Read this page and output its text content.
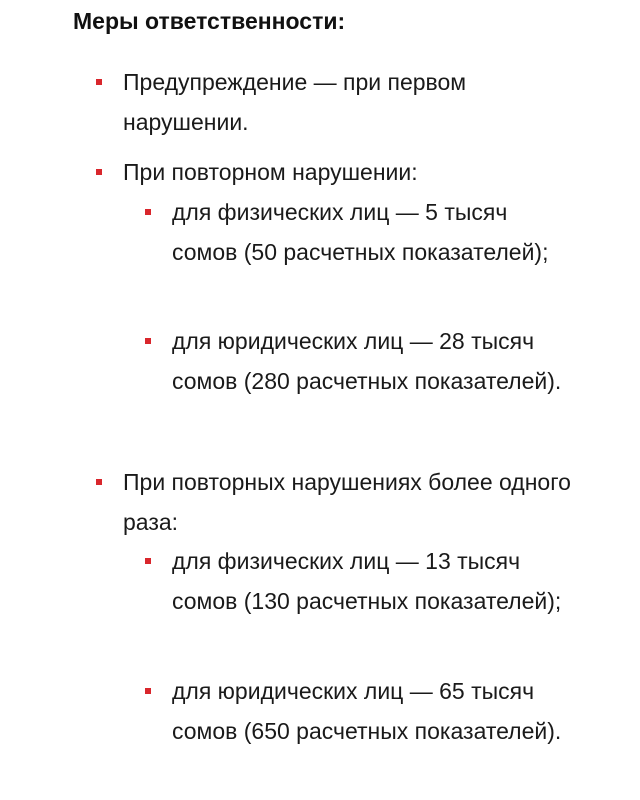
Меры ответственности:
Предупреждение — при первом нарушении.
При повторном нарушении:
для физических лиц — 5 тысяч сомов (50 расчетных показателей);
для юридических лиц — 28 тысяч сомов (280 расчетных показателей).
При повторных нарушениях более одного раза:
для физических лиц — 13 тысяч сомов (130 расчетных показателей);
для юридических лиц — 65 тысяч сомов (650 расчетных показателей).
